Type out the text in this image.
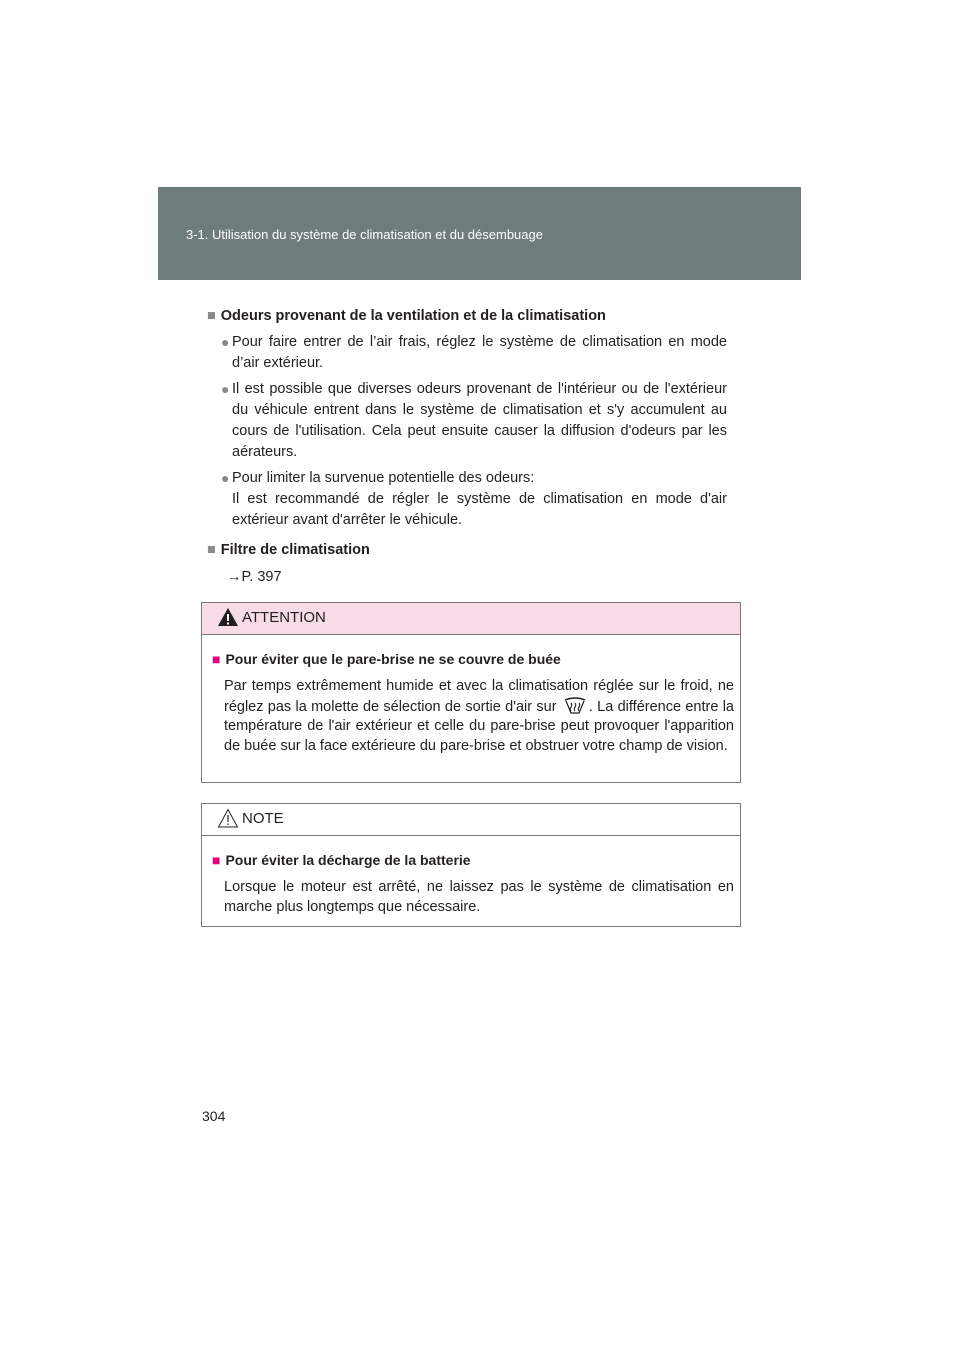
3-1. Utilisation du système de climatisation et du désembuage

■ Odeurs provenant de la ventilation et de la climatisation

● Pour faire entrer de l’air frais, réglez le système de climatisation en mode d’air extérieur.
● Il est possible que diverses odeurs provenant de l'intérieur ou de l'extérieur du véhicule entrent dans le système de climatisation et s'y accumulent au cours de l'utilisation. Cela peut ensuite causer la diffusion d'odeurs par les aérateurs.
● Pour limiter la survenue potentielle des odeurs:
Il est recommandé de régler le système de climatisation en mode d'air extérieur avant d'arrêter le véhicule.

■ Filtre de climatisation

→P. 397
ATTENTION

■ Pour éviter que le pare-brise ne se couvre de buée

Par temps extrêmement humide et avec la climatisation réglée sur le froid, ne réglez pas la molette de sélection de sortie d'air sur . La différence entre la température de l'air extérieur et celle du pare-brise peut provoquer l'apparition de buée sur la face extérieure du pare-brise et obstruer votre champ de vision.
NOTE

■ Pour éviter la décharge de la batterie

Lorsque le moteur est arrêté, ne laissez pas le système de climatisation en marche plus longtemps que nécessaire.
304
